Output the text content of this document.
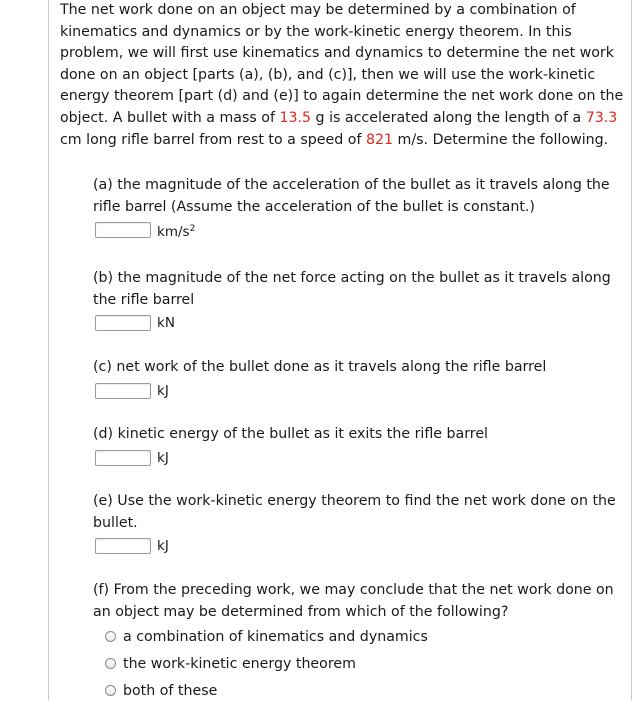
The net work done on an object may be determined by a combination of kinematics and dynamics or by the work-kinetic energy theorem. In this problem, we will first use kinematics and dynamics to determine the net work done on an object [parts (a), (b), and (c)], then we will use the work-kinetic energy theorem [part (d) and (e)] to again determine the net work done on the object. A bullet with a mass of 13.5 g is accelerated along the length of a 73.3 cm long rifle barrel from rest to a speed of 821 m/s. Determine the following.

(a) the magnitude of the acceleration of the bullet as it travels along the rifle barrel (Assume the acceleration of the bullet is constant.)

$km/s^2$

(b) the magnitude of the net force acting on the bullet as it travels along the rifle barrel

kN

(c) net work of the bullet done as it travels along the rifle barrel

kJ

(d) kinetic energy of the bullet as it exits the rifle barrel

kJ

(e) Use the work-kinetic energy theorem to find the net work done on the bullet.

kJ

(f) From the preceding work, we may conclude that the net work done on an object may be determined from which of the following?

a combination of kinematics and dynamics
the work-kinetic energy theorem
both of these
